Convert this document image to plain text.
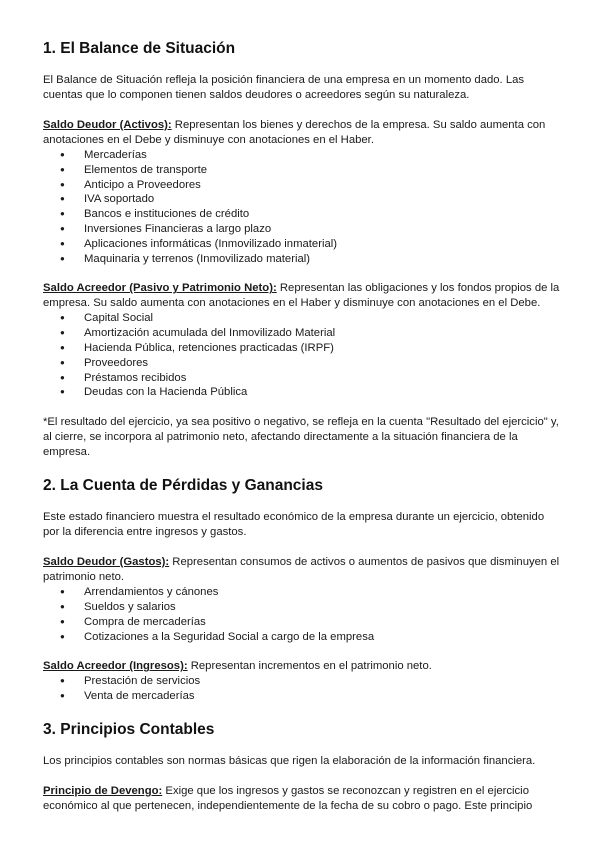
1. El Balance de Situación

El Balance de Situación refleja la posición financiera de una empresa en un momento dado. Las cuentas que lo componen tienen saldos deudores o acreedores según su naturaleza.

Saldo Deudor (Activos): Representan los bienes y derechos de la empresa. Su saldo aumenta con anotaciones en el Debe y disminuye con anotaciones en el Haber.

● Mercaderías
● Elementos de transporte
● Anticipo a Proveedores
● IVA soportado
● Bancos e instituciones de crédito
● Inversiones Financieras a largo plazo
● Aplicaciones informáticas (Inmovilizado inmaterial)
● Maquinaria y terrenos (Inmovilizado material)

Saldo Acreedor (Pasivo y Patrimonio Neto): Representan las obligaciones y los fondos propios de la empresa. Su saldo aumenta con anotaciones en el Haber y disminuye con anotaciones en el Debe.

● Capital Social
● Amortización acumulada del Inmovilizado Material
● Hacienda Pública, retenciones practicadas (IRPF)
● Proveedores
● Préstamos recibidos
● Deudas con la Hacienda Pública

*El resultado del ejercicio, ya sea positivo o negativo, se refleja en la cuenta "Resultado del ejercicio" y, al cierre, se incorpora al patrimonio neto, afectando directamente a la situación financiera de la empresa.

2. La Cuenta de Pérdidas y Ganancias

Este estado financiero muestra el resultado económico de la empresa durante un ejercicio, obtenido por la diferencia entre ingresos y gastos.

Saldo Deudor (Gastos): Representan consumos de activos o aumentos de pasivos que disminuyen el patrimonio neto.

● Arrendamientos y cánones
● Sueldos y salarios
● Compra de mercaderías
● Cotizaciones a la Seguridad Social a cargo de la empresa

Saldo Acreedor (Ingresos): Representan incrementos en el patrimonio neto.

● Prestación de servicios
● Venta de mercaderías
3. Principios Contables

Los principios contables son normas básicas que rigen la elaboración de la información financiera.

Principio de Devengo: Exige que los ingresos y gastos se reconozcan y registren en el ejercicio económico al que pertenecen, independientemente de la fecha de su cobro o pago. Este principio
